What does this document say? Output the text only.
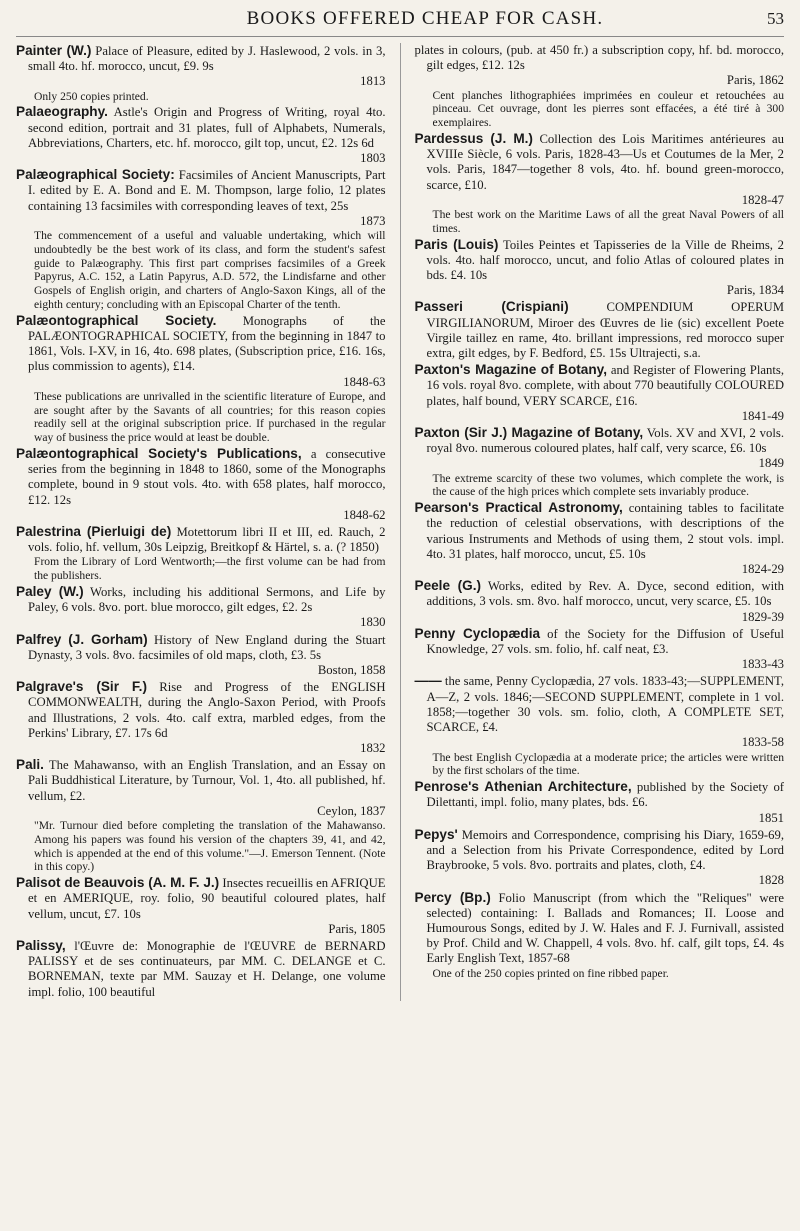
BOOKS OFFERED CHEAP FOR CASH.	53
Painter (W.) Palace of Pleasure, edited by J. Haslewood, 2 vols. in 3, small 4to. hf. morocco, uncut, £9. 9s
1813
Only 250 copies printed.
Palaeography. Astle's Origin and Progress of Writing, royal 4to. second edition, portrait and 31 plates, full of Alphabets, Numerals, Abbreviations, Charters, etc. hf. morocco, gilt top, uncut, £2. 12s 6d
1803
Palæographical Society: Facsimiles of Ancient Manuscripts, Part I. edited by E. A. Bond and E. M. Thompson, large folio, 12 plates containing 13 facsimiles with corresponding leaves of text, 25s
1873
The commencement of a useful and valuable undertaking, which will undoubtedly be the best work of its class, and form the student's safest guide to Palæography. This first part comprises facsimiles of a Greek Papyrus, A.C. 152, a Latin Papyrus, A.D. 572, the Lindisfarne and other Gospels of English origin, and charters of Anglo-Saxon Kings, all of the eighth century; concluding with an Episcopal Charter of the tenth.
Palæontographical Society. Monographs of the PALÆONTOGRAPHICAL SOCIETY, from the beginning in 1847 to 1861, Vols. I-XV, in 16, 4to. 698 plates, (Subscription price, £16. 16s, plus commission to agents), £14.
1848-63
These publications are unrivalled in the scientific literature of Europe, and are sought after by the Savants of all countries; for this reason copies readily sell at the original subscription price. If purchased in the regular way of business the price would at least be double.
Palæontographical Society's Publications, a consecutive series from the beginning in 1848 to 1860, some of the Monographs complete, bound in 9 stout vols. 4to. with 658 plates, half morocco, £12. 12s
1848-62
Palestrina (Pierluigi de) Motettorum libri II et III, ed. Rauch, 2 vols. folio, hf. vellum, 30s Leipzig, Breitkopf & Härtel, s. a. (? 1850)
From the Library of Lord Wentworth;—the first volume can be had from the publishers.
Paley (W.) Works, including his additional Sermons, and Life by Paley, 6 vols. 8vo. port. blue morocco, gilt edges, £2. 2s
1830
Palfrey (J. Gorham) History of New England during the Stuart Dynasty, 3 vols. 8vo. facsimiles of old maps, cloth, £3. 5s
Boston, 1858
Palgrave's (Sir F.) Rise and Progress of the ENGLISH COMMONWEALTH, during the Anglo-Saxon Period, with Proofs and Illustrations, 2 vols. 4to. calf extra, marbled edges, from the Perkins' Library, £7. 17s 6d
1832
Pali. The Mahawanso, with an English Translation, and an Essay on Pali Buddhistical Literature, by Turnour, Vol. 1, 4to. all published, hf. vellum, £2.
Ceylon, 1837
"Mr. Turnour died before completing the translation of the Mahawanso. Among his papers was found his version of the chapters 39, 41, and 42, which is appended at the end of this volume."—J. Emerson Tennent. (Note in this copy.)
Palisot de Beauvois (A. M. F. J.) Insectes recueillis en AFRIQUE et en AMERIQUE, roy. folio, 90 beautiful coloured plates, half vellum, uncut, £7. 10s
Paris, 1805
Palissy, l'Œuvre de: Monographie de l'ŒUVRE de BERNARD PALISSY et de ses continuateurs, par MM. C. DELANGE et C. BORNEMAN, texte par MM. Sauzay et H. Delange, one volume impl. folio, 100 beautiful
plates in colours, (pub. at 450 fr.) a subscription copy, hf. bd. morocco, gilt edges, £12. 12s
Paris, 1862
Cent planches lithographiées imprimées en couleur et retouchées au pinceau. Cet ouvrage, dont les pierres sont effacées, a été tiré à 300 exemplaires.
Pardessus (J. M.) Collection des Lois Maritimes antérieures au XVIIIe Siècle, 6 vols. Paris, 1828-43—Us et Coutumes de la Mer, 2 vols. Paris, 1847—together 8 vols, 4to. hf. bound green-morocco, scarce, £10.
1828-47
The best work on the Maritime Laws of all the great Naval Powers of all times.
Paris (Louis) Toiles Peintes et Tapisseries de la Ville de Rheims, 2 vols. 4to. half morocco, uncut, and folio Atlas of coloured plates in bds. £4. 10s
Paris, 1834
Passeri (Crispiani)	COMPENDIUM OPERUM VIRGILIANORUM, Miroer des Œuvres de lie (sic) excellent Poete Virgile taillez en rame, 4to. brillant impressions, red morocco super extra, gilt edges, by F. Bedford, £5. 15s Ultrajecti, s.a.
Paxton's Magazine of Botany, and Register of Flowering Plants, 16 vols. royal 8vo. complete, with about 770 beautifully COLOURED plates, half bound, VERY SCARCE, £16.
1841-49
Paxton (Sir J.) Magazine of Botany, Vols. XV and XVI, 2 vols. royal 8vo. numerous coloured plates, half calf, very scarce, £6. 10s
1849
The extreme scarcity of these two volumes, which complete the work, is the cause of the high prices which complete sets invariably produce.
Pearson's Practical Astronomy, containing tables to facilitate the reduction of celestial observations, with descriptions of the various Instruments and Methods of using them, 2 stout vols. impl. 4to. 31 plates, half morocco, uncut, £5. 10s
1824-29
Peele (G.) Works, edited by Rev. A. Dyce, second edition, with additions, 3 vols. sm. 8vo. half morocco, uncut, very scarce, £5. 10s
1829-39
Penny Cyclopædia of the Society for the Diffusion of Useful Knowledge, 27 vols. sm. folio, hf. calf neat, £3.
1833-43
—— the same, Penny Cyclopædia, 27 vols. 1833-43;—SUPPLEMENT, A—Z, 2 vols. 1846;—SECOND SUPPLEMENT, complete in 1 vol. 1858;—together 30 vols. sm. folio, cloth, A COMPLETE SET, SCARCE, £4.
1833-58
The best English Cyclopædia at a moderate price; the articles were written by the first scholars of the time.
Penrose's Athenian Architecture, published by the Society of Dilettanti, impl. folio, many plates, bds. £6.
1851
Pepys' Memoirs and Correspondence, comprising his Diary, 1659-69, and a Selection from his Private Correspondence, edited by Lord Braybrooke, 5 vols. 8vo. portraits and plates, cloth, £4.
1828
Percy (Bp.) Folio Manuscript (from which the "Reliques" were selected) containing: I. Ballads and Romances; II. Loose and Humourous Songs, edited by J. W. Hales and F. J. Furnivall, assisted by Prof. Child and W. Chappell, 4 vols. 8vo. hf. calf, gilt tops, £4. 4s Early English Text, 1857-68
One of the 250 copies printed on fine ribbed paper.
